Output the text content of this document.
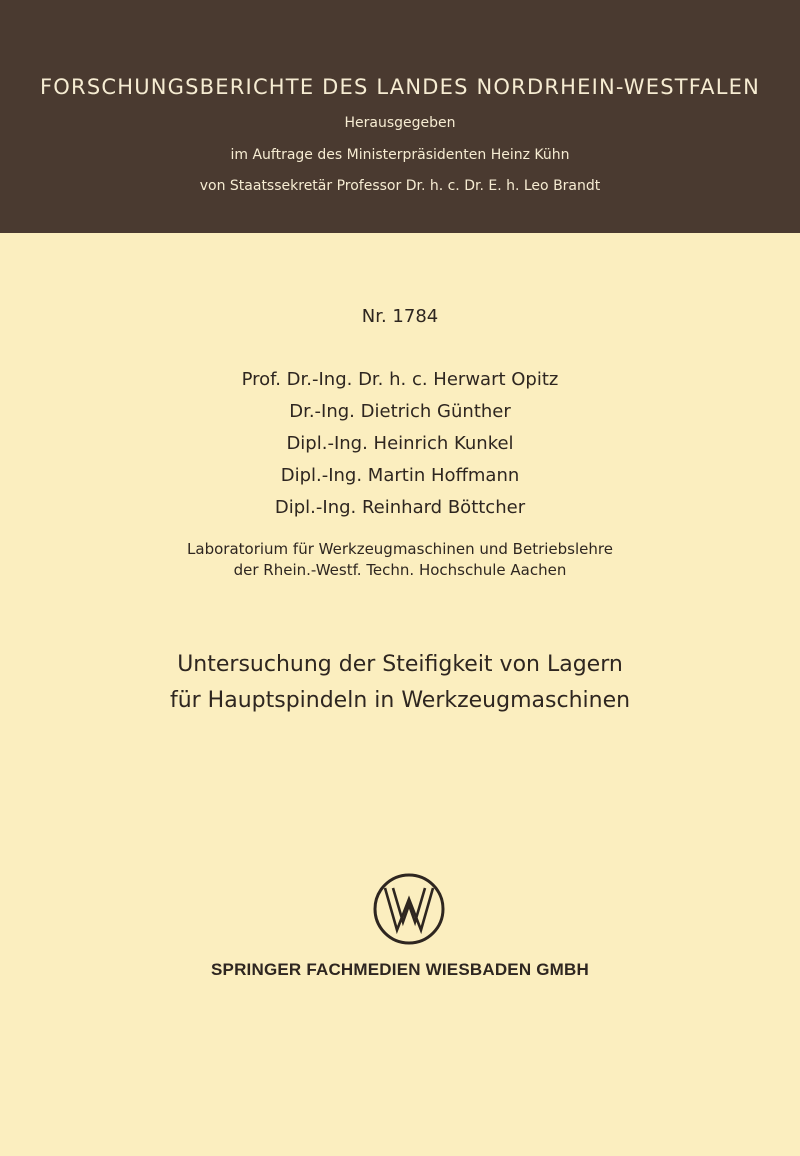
FORSCHUNGSBERICHTE DES LANDES NORDRHEIN-WESTFALEN
Herausgegeben
im Auftrage des Ministerpräsidenten Heinz Kühn
von Staatssekretär Professor Dr. h. c. Dr. E. h. Leo Brandt
Nr. 1784
Prof. Dr.-Ing. Dr. h. c. Herwart Opitz
Dr.-Ing. Dietrich Günther
Dipl.-Ing. Heinrich Kunkel
Dipl.-Ing. Martin Hoffmann
Dipl.-Ing. Reinhard Böttcher
Laboratorium für Werkzeugmaschinen und Betriebslehre
der Rhein.-Westf. Techn. Hochschule Aachen
Untersuchung der Steifigkeit von Lagern
für Hauptspindeln in Werkzeugmaschinen
SPRINGER FACHMEDIEN WIESBADEN GMBH
